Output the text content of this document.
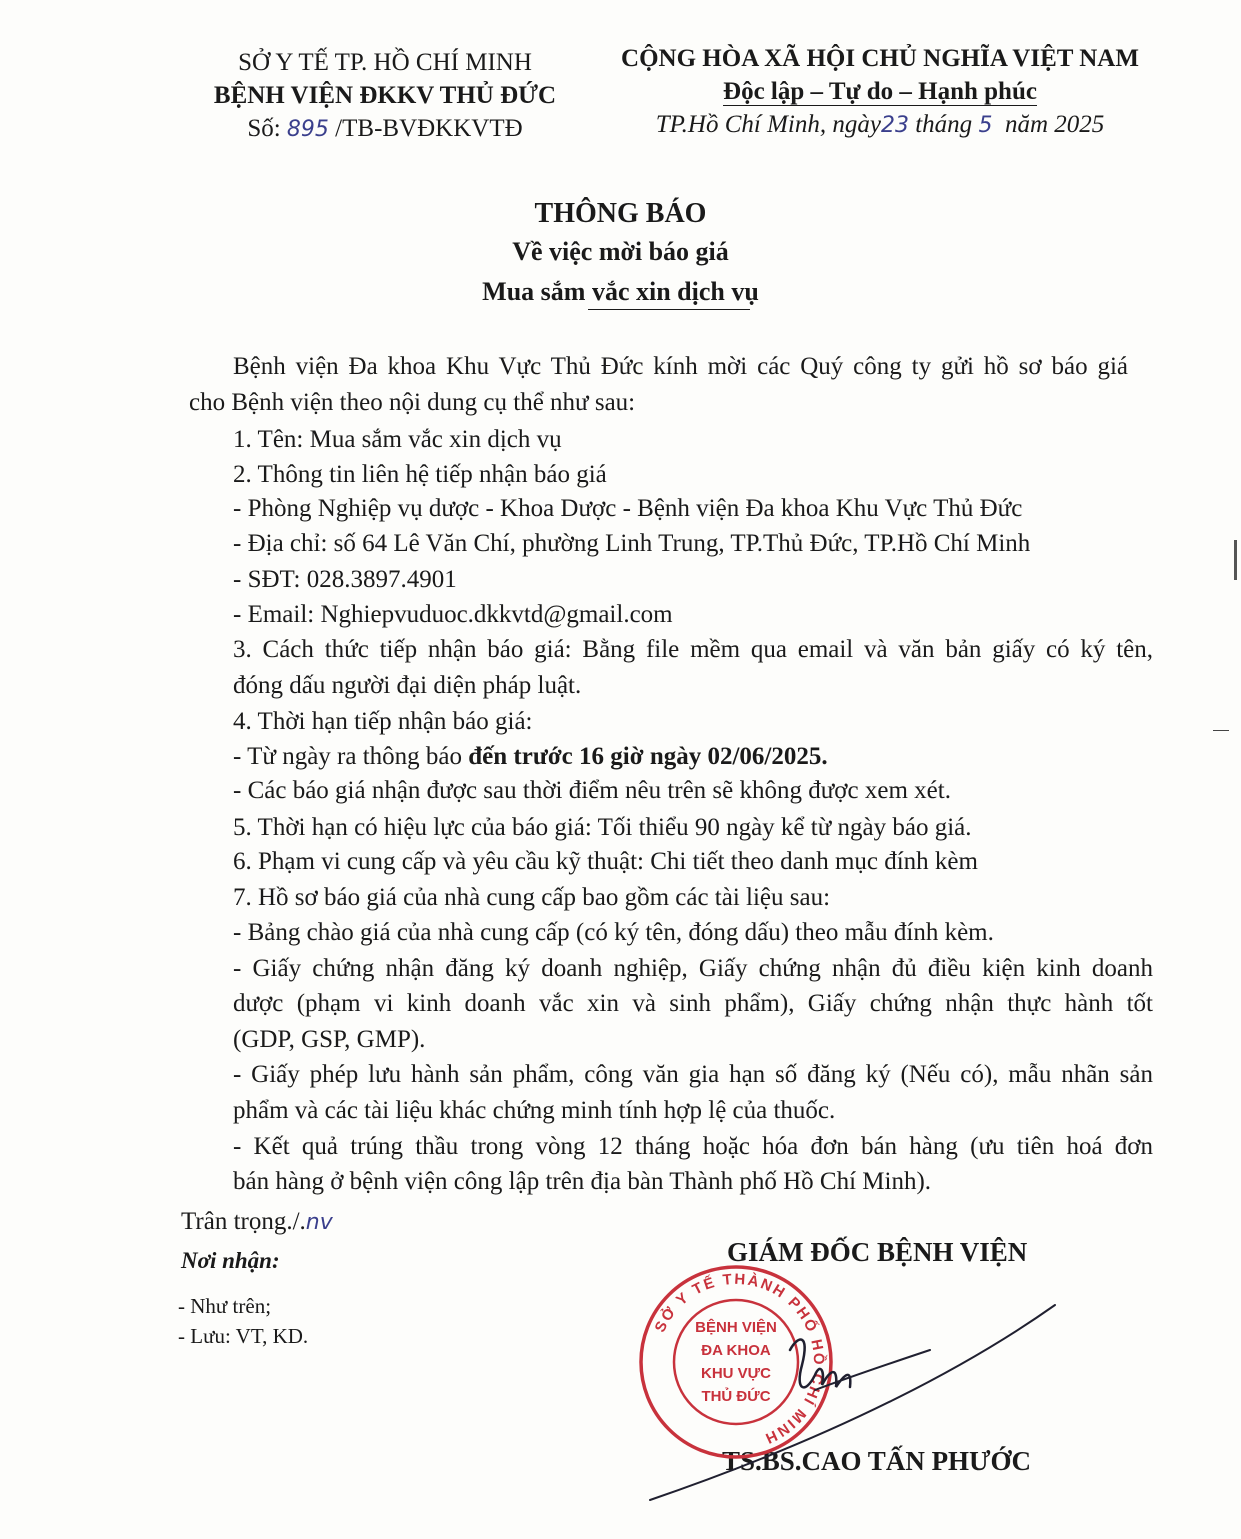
SỞ Y TẾ TP. HỒ CHÍ MINH
BỆNH VIỆN ĐKKV THỦ ĐỨC
Số: 895 /TB-BVĐKKVTĐ
CỘNG HÒA XÃ HỘI CHỦ NGHĨA VIỆT NAM
Độc lập – Tự do – Hạnh phúc
TP.Hồ Chí Minh, ngày23 tháng 5 năm 2025
THÔNG BÁO
Về việc mời báo giá
Mua sắm vắc xin dịch vụ
Bệnh viện Đa khoa Khu Vực Thủ Đức kính mời các Quý công ty gửi hồ sơ báo giá
cho Bệnh viện theo nội dung cụ thể như sau:
1. Tên: Mua sắm vắc xin dịch vụ
2. Thông tin liên hệ tiếp nhận báo giá
- Phòng Nghiệp vụ dược - Khoa Dược - Bệnh viện Đa khoa Khu Vực Thủ Đức
- Địa chỉ: số 64 Lê Văn Chí, phường Linh Trung, TP.Thủ Đức, TP.Hồ Chí Minh
- SĐT: 028.3897.4901
- Email: Nghiepvuduoc.dkkvtd@gmail.com
3. Cách thức tiếp nhận báo giá: Bằng file mềm qua email và văn bản giấy có ký tên,
đóng dấu người đại diện pháp luật.
4. Thời hạn tiếp nhận báo giá:
- Từ ngày ra thông báo đến trước 16 giờ ngày 02/06/2025.
- Các báo giá nhận được sau thời điểm nêu trên sẽ không được xem xét.
5. Thời hạn có hiệu lực của báo giá: Tối thiểu 90 ngày kể từ ngày báo giá.
6. Phạm vi cung cấp và yêu cầu kỹ thuật: Chi tiết theo danh mục đính kèm
7. Hồ sơ báo giá của nhà cung cấp bao gồm các tài liệu sau:
- Bảng chào giá của nhà cung cấp (có ký tên, đóng dấu) theo mẫu đính kèm.
- Giấy chứng nhận đăng ký doanh nghiệp, Giấy chứng nhận đủ điều kiện kinh doanh
dược (phạm vi kinh doanh vắc xin và sinh phẩm), Giấy chứng nhận thực hành tốt
(GDP, GSP, GMP).
- Giấy phép lưu hành sản phẩm, công văn gia hạn số đăng ký (Nếu có), mẫu nhãn sản
phẩm và các tài liệu khác chứng minh tính hợp lệ của thuốc.
- Kết quả trúng thầu trong vòng 12 tháng hoặc hóa đơn bán hàng (ưu tiên hoá đơn
bán hàng ở bệnh viện công lập trên địa bàn Thành phố Hồ Chí Minh).
Trân trọng./.nv
Nơi nhận:
- Như trên;
- Lưu: VT, KD.
GIÁM ĐỐC BỆNH VIỆN
TS.BS.CAO TẤN PHƯỚC
SỞ Y TẾ THÀNH PHỐ HỒ CHÍ MINH
BỆNH VIỆN
ĐA KHOA
KHU VỰC
THỦ ĐỨC
